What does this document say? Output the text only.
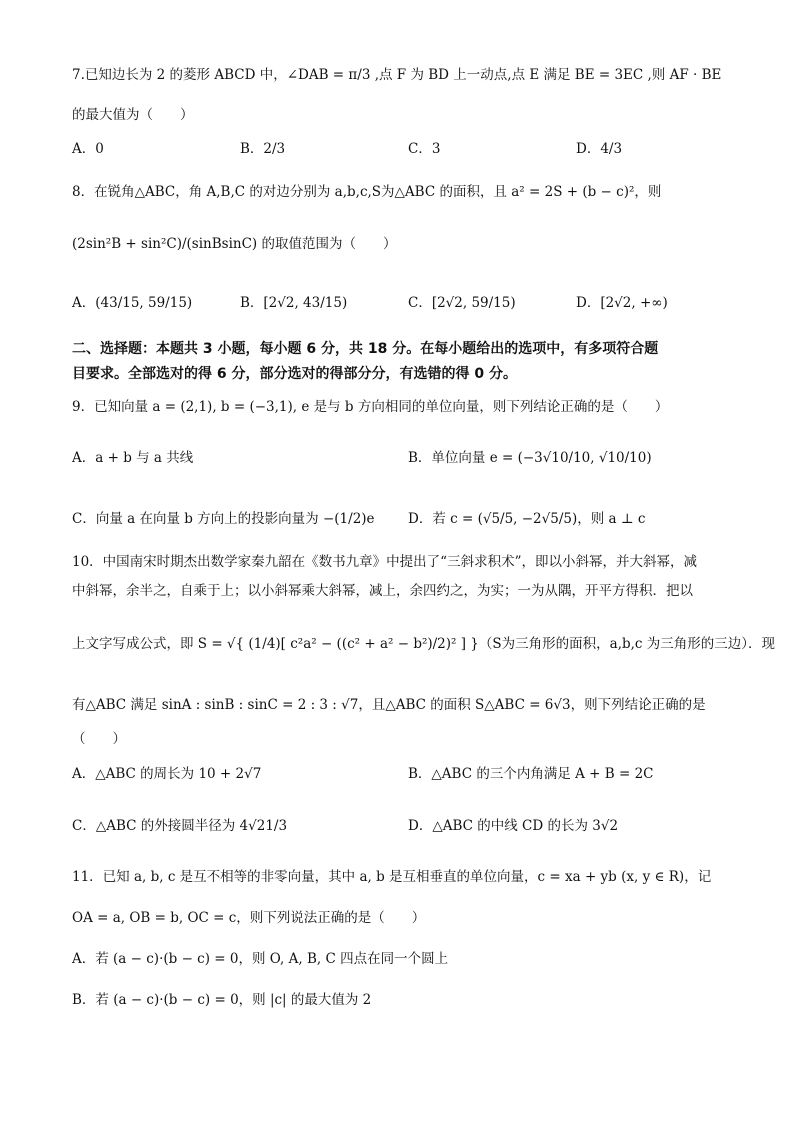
7.已知边长为 2 的菱形 ABCD 中，∠DAB = π/3 ,点 F 为 BD 上一动点,点 E 满足 BE = 3EC ,则 AF · BE
的最大值为（　　）
A．0	B．2/3	C．3	D．4/3
8．在锐角△ABC，角 A,B,C 的对边分别为 a,b,c,S为△ABC 的面积，且 a² = 2S + (b − c)²，则
(2sin²B + sin²C)/(sinBsinC) 的取值范围为（　　）
A．(43/15, 59/15)	B．[2√2, 43/15)	C．[2√2, 59/15)	D．[2√2, +∞)
二、选择题：本题共 3 小题，每小题 6 分，共 18 分。在每小题给出的选项中，有多项符合题
目要求。全部选对的得 6 分，部分选对的得部分分，有选错的得 0 分。
9．已知向量 a = (2,1), b = (−3,1), e 是与 b 方向相同的单位向量，则下列结论正确的是（　　）
A．a + b 与 a 共线	B．单位向量 e = (−3√10/10, √10/10)
C．向量 a 在向量 b 方向上的投影向量为 −(1/2)e D．若 c = (√5/5, −2√5/5)，则 a ⊥ c
10．中国南宋时期杰出数学家秦九韶在《数书九章》中提出了“三斜求积术”，即以小斜幂，并大斜幂，减
中斜幂，余半之，自乘于上；以小斜幂乘大斜幂，减上，余四约之，为实；一为从隅，开平方得积．把以
上文字写成公式，即 S = √{ (1/4)[ c²a² − ((c² + a² − b²)/2)² ] }（S为三角形的面积，a,b,c 为三角形的三边）．现
有△ABC 满足 sinA : sinB : sinC = 2 : 3 : √7，且△ABC 的面积 S△ABC = 6√3，则下列结论正确的是
（　　）
A．△ABC 的周长为 10 + 2√7	B．△ABC 的三个内角满足 A + B = 2C
C．△ABC 的外接圆半径为 4√21/3	D．△ABC 的中线 CD 的长为 3√2
11．已知 a, b, c 是互不相等的非零向量，其中 a, b 是互相垂直的单位向量，c = xa + yb (x, y ∈ R)，记
OA = a, OB = b, OC = c，则下列说法正确的是（　　）
A．若 (a − c)·(b − c) = 0，则 O, A, B, C 四点在同一个圆上
B．若 (a − c)·(b − c) = 0，则 |c| 的最大值为 2
